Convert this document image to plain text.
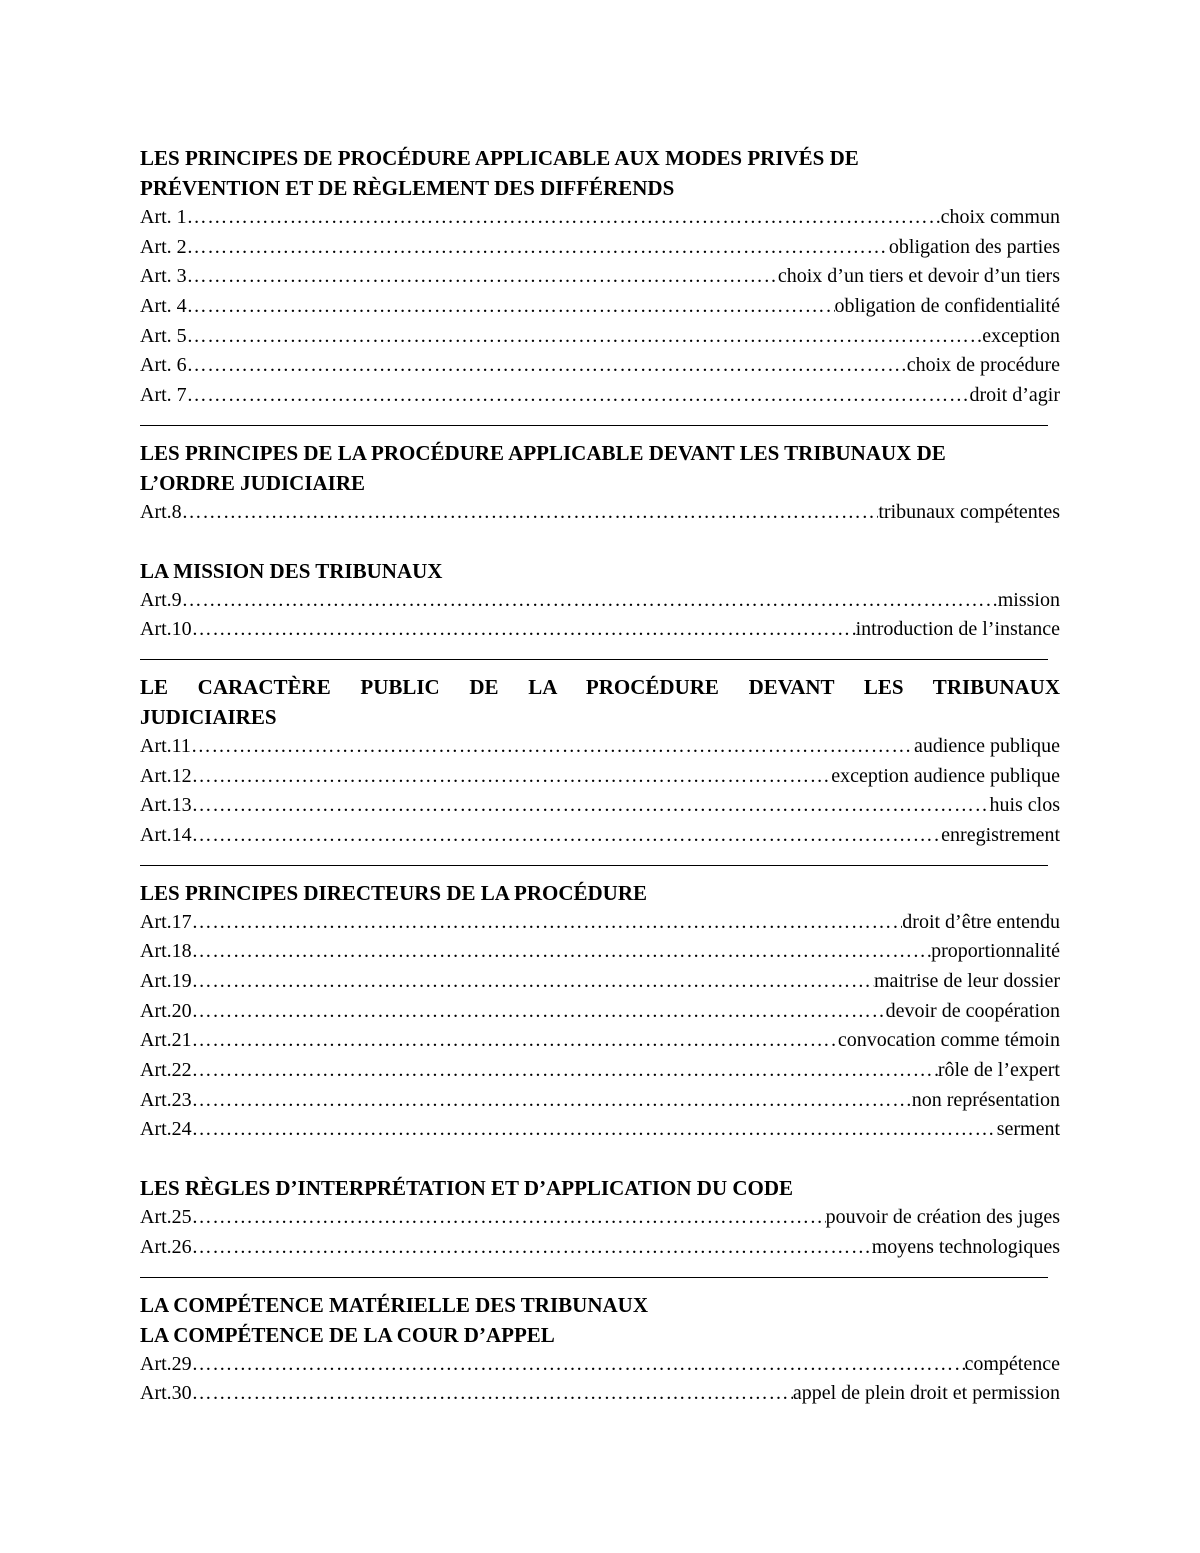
LES PRINCIPES DE PROCÉDURE APPLICABLE AUX MODES PRIVÉS DE
PRÉVENTION ET DE RÈGLEMENT DES DIFFÉRENDS
Art. 1 …………………………………………………………………………………………………………………………………………………………………………………………………………	choix commun
Art. 2 …………………………………………………………………………………………………………………………………………………………………………………………………………	obligation des parties
Art. 3 …………………………………………………………………………………………………………………………………………………………………………………………………………	choix d’un tiers et devoir d’un tiers
Art. 4 …………………………………………………………………………………………………………………………………………………………………………………………………………	obligation de confidentialité
Art. 5 …………………………………………………………………………………………………………………………………………………………………………………………………………	exception
Art. 6 …………………………………………………………………………………………………………………………………………………………………………………………………………	choix de procédure
Art. 7 …………………………………………………………………………………………………………………………………………………………………………………………………………	droit d’agir
LES PRINCIPES DE LA PROCÉDURE APPLICABLE DEVANT LES TRIBUNAUX DE
L’ORDRE JUDICIAIRE
Art.8 …………………………………………………………………………………………………………………………………………………………………………………………………………	tribunaux compétentes
LA MISSION DES TRIBUNAUX
Art.9 …………………………………………………………………………………………………………………………………………………………………………………………………………	mission
Art.10 …………………………………………………………………………………………………………………………………………………………………………………………………………	introduction de l’instance
LE CARACTÈRE PUBLIC DE LA PROCÉDURE DEVANT LES TRIBUNAUX
JUDICIAIRES
Art.11 …………………………………………………………………………………………………………………………………………………………………………………………………………	audience publique
Art.12 …………………………………………………………………………………………………………………………………………………………………………………………………………	exception audience publique
Art.13 …………………………………………………………………………………………………………………………………………………………………………………………………………	huis clos
Art.14 …………………………………………………………………………………………………………………………………………………………………………………………………………	enregistrement
LES PRINCIPES DIRECTEURS DE LA PROCÉDURE
Art.17 …………………………………………………………………………………………………………………………………………………………………………………………………………	droit d’être entendu
Art.18 …………………………………………………………………………………………………………………………………………………………………………………………………………	proportionnalité
Art.19 …………………………………………………………………………………………………………………………………………………………………………………………………………	maitrise de leur dossier
Art.20 …………………………………………………………………………………………………………………………………………………………………………………………………………	devoir de coopération
Art.21 …………………………………………………………………………………………………………………………………………………………………………………………………………	convocation comme témoin
Art.22 …………………………………………………………………………………………………………………………………………………………………………………………………………	rôle de l’expert
Art.23 …………………………………………………………………………………………………………………………………………………………………………………………………………	non représentation
Art.24 …………………………………………………………………………………………………………………………………………………………………………………………………………	serment
LES RÈGLES D’INTERPRÉTATION ET D’APPLICATION DU CODE
Art.25 …………………………………………………………………………………………………………………………………………………………………………………………………………	pouvoir de création des juges
Art.26 …………………………………………………………………………………………………………………………………………………………………………………………………………	moyens technologiques
LA COMPÉTENCE MATÉRIELLE DES TRIBUNAUX
LA COMPÉTENCE DE LA COUR D’APPEL
Art.29 …………………………………………………………………………………………………………………………………………………………………………………………………………	compétence
Art.30 …………………………………………………………………………………………………………………………………………………………………………………………………………	appel de plein droit et permission
